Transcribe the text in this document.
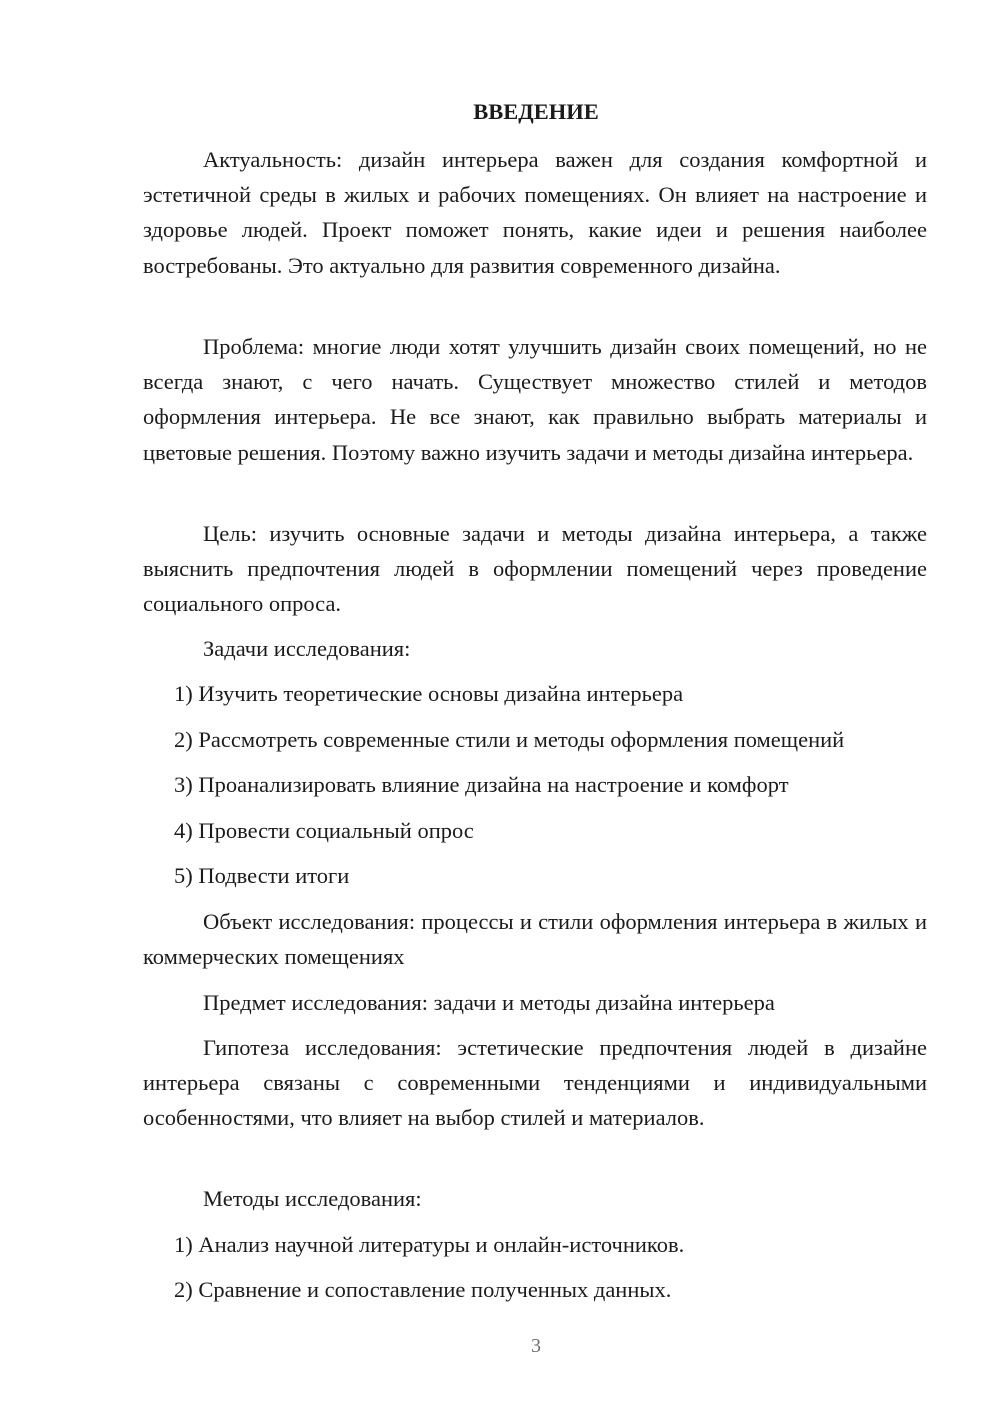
ВВЕДЕНИЕ

Актуальность: дизайн интерьера важен для создания комфортной и эстетичной среды в жилых и рабочих помещениях. Он влияет на настроение и здоровье людей. Проект поможет понять, какие идеи и решения наиболее востребованы. Это актуально для развития современного дизайна.

Проблема: многие люди хотят улучшить дизайн своих помещений, но не всегда знают, с чего начать. Существует множество стилей и методов оформления интерьера. Не все знают, как правильно выбрать материалы и цветовые решения. Поэтому важно изучить задачи и методы дизайна интерьера.

Цель: изучить основные задачи и методы дизайна интерьера, а также выяснить предпочтения людей в оформлении помещений через проведение социального опроса.

Задачи исследования:

1) Изучить теоретические основы дизайна интерьера

2) Рассмотреть современные стили и методы оформления помещений

3) Проанализировать влияние дизайна на настроение и комфорт

4) Провести социальный опрос

5) Подвести итоги

Объект исследования: процессы и стили оформления интерьера в жилых и коммерческих помещениях

Предмет исследования: задачи и методы дизайна интерьера

Гипотеза исследования: эстетические предпочтения людей в дизайне интерьера связаны с современными тенденциями и индивидуальными особенностями, что влияет на выбор стилей и материалов.

Методы исследования:

1) Анализ научной литературы и онлайн-источников.

2) Сравнение и сопоставление полученных данных.

3
